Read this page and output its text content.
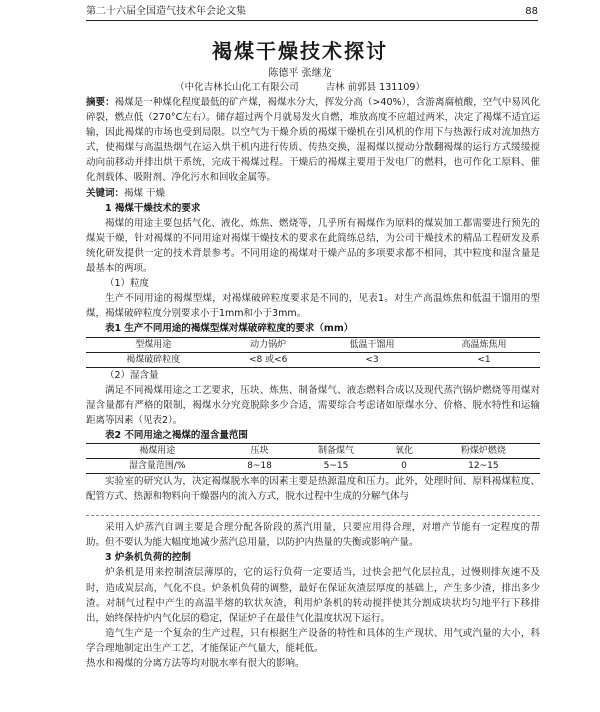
第二十六届全国造气技术年会论文集	88
褐煤干燥技术探讨
陈德平 张继龙
（中化吉林长山化工有限公司	吉林 前郭县 131109）

摘要：褐煤是一种煤化程度最低的矿产煤，褐煤水分大，挥发分高（>40%），含游离腐植酸，空气中易风化碎裂，燃点低（270°C左右）。储存超过两个月就易发火自燃，堆放高度不应超过两米，决定了褐煤不适宜运输，因此褐煤的市场也受到局限。以空气为干燥介质的褐煤干燥机在引风机的作用下与热源行成对流加热方式，使褐煤与高温热烟气在运入烘干机内进行传质、传热交换，湿褐煤以搅动分散翻褐煤的运行方式缓缓搅动向前移动并排出烘干系统，完成干褐煤过程。干燥后的褐煤主要用于发电厂的燃料，也可作化工原料、催化剂载体、吸附剂、净化污水和回收金属等。

关键词：褐煤 干燥

1 褐煤干燥技术的要求

褐煤的用途主要包括气化、液化、炼焦、燃烧等，几乎所有褐煤作为原料的煤炭加工都需要进行预先的煤炭干燥，针对褐煤的不同用途对褐煤干燥技术的要求在此简练总结，为公司干燥技术的精品工程研发及系统化研发提供一定的技术背景参考。不同用途的褐煤对干燥产品的多项要求都不相同，其中粒度和湿含量是最基本的两项。

（1）粒度

生产不同用途的褐煤型煤，对褐煤破碎粒度要求是不同的，见表1。对生产高温炼焦和低温干馏用的型煤，褐煤破碎粒度分别要求小于1mm和小于3mm。

表1 生产不同用途的褐煤型煤对煤破碎粒度的要求（mm）

型煤用途	动力锅炉	低温干馏用	高温炼焦用
褐煤破碎粒度	<8 或<6	<3	<1

（2）湿含量

满足不同褐煤用途之工艺要求，压块、炼焦、制备煤气、液态燃料合成以及现代蒸汽锅炉燃烧等用煤对湿含量都有严格的限制，褐煤水分究竟脱除多少合适，需要综合考虑诸如原煤水分、价格、脱水特性和运输距离等因素（见表2）。

表2 不同用途之褐煤的湿含量范围

褐煤用途	压块	制备煤气	氧化	粉煤炉燃烧
湿含量范围/%	8~18	5~15	0	12~15

实验室的研究认为，决定褐煤脱水率的因素主要是热源温度和压力。此外，处理时间、原料褐煤粒度、配管方式、热源和物料向干燥器内的流入方式，脱水过程中生成的分解气体与

采用入炉蒸汽自调主要是合理分配各阶段的蒸汽用量，只要应用得合理，对增产节能有一定程度的帮助。但不要认为能大幅度地减少蒸汽总用量，以防护内热量的失衡或影响产量。

3 炉条机负荷的控制

炉条机是用来控制渣层薄厚的，它的运行负荷一定要适当，过快会把气化层拉乱，过慢则排灰速不及时，造成炭层高，气化不良。炉条机负荷的调整，最好在保证灰渣层厚度的基础上，产生多少渣，排出多少渣。对制气过程中产生的高温半熔的软状灰渣，利用炉条机的转动搅拌使其分割成块状均匀地平行下移排出，始终保持炉内气化层的稳定，保证炉子在最佳气化温度状况下运行。

造气生产是一个复杂的生产过程，只有根据生产设备的特性和具体的生产现状、用气或汽量的大小，科学合理地制定出生产工艺，才能保证产气量大，能耗低。

热水和褐煤的分离方法等均对脱水率有很大的影响。
